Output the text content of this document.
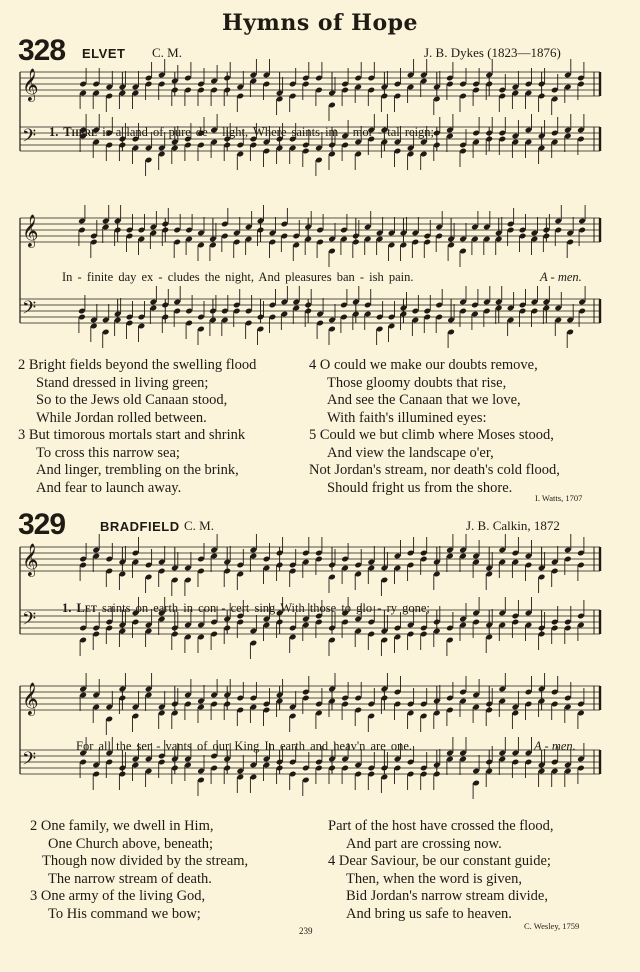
Hymns of Hope
328 ELVET C. M.	J. B. Dykes (1823—1876)
𝄞
𝄢 1. There is a land of pure de - light, Where saints im - mor - tal reign;
𝄞
𝄢
In - finite day ex - cludes the night, And pleasures ban - ish pain.	A - men.
2 Bright fields beyond the swelling flood
Stand dressed in living green;
So to the Jews old Canaan stood,
While Jordan rolled between.
3 But timorous mortals start and shrink
To cross this narrow sea;
And linger, trembling on the brink,
And fear to launch away.
4 O could we make our doubts remove,
Those gloomy doubts that rise,
And see the Canaan that we love,
With faith's illumined eyes:
5 Could we but climb where Moses stood,
And view the landscape o'er,
Not Jordan's stream, nor death's cold flood,
Should fright us from the shore.
I. Watts, 1707
329	BRADFIELD C. M.	J. B. Calkin, 1872
𝄞
𝄢
1. Let saints on earth in con - cert sing With those to glo - ry gone;
𝄞
𝄢
For all the ser - vants of our King In earth and heav'n are one.	A - men.
2 One family, we dwell in Him,
One Church above, beneath;
Though now divided by the stream,
The narrow stream of death.
3 One army of the living God,
To His command we bow;
Part of the host have crossed the flood,
And part are crossing now.
4 Dear Saviour, be our constant guide;
Then, when the word is given,
Bid Jordan's narrow stream divide,
And bring us safe to heaven.
C. Wesley, 1759
239
